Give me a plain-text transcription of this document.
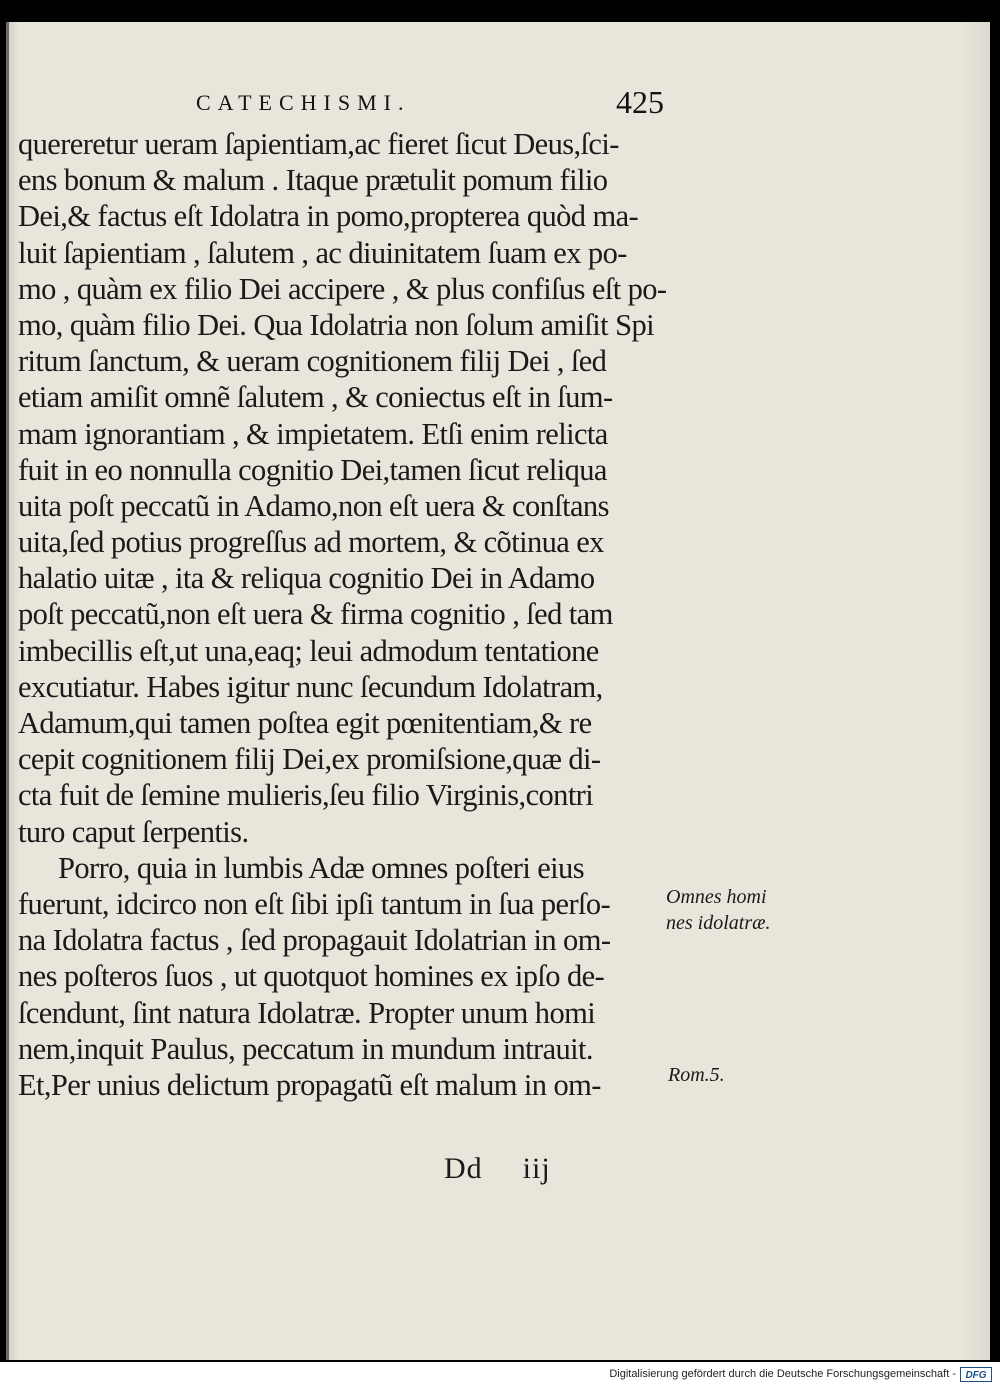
CATECHISMI.	425
quereretur ueram ſapientiam,ac fieret ſicut Deus,ſci-
ens bonum & malum . Itaque prætulit pomum filio
Dei,& factus eſt Idolatra in pomo,propterea quòd ma-
luit ſapientiam , ſalutem , ac diuinitatem ſuam ex po-
mo , quàm ex filio Dei accipere , & plus confiſus eſt po-
mo, quàm filio Dei. Qua Idolatria non ſolum amiſit Spi
ritum ſanctum, & ueram cognitionem filij Dei , ſed
etiam amiſit omnẽ ſalutem , & coniectus eſt in ſum-
mam ignorantiam , & impietatem. Etſi enim relicta
fuit in eo nonnulla cognitio Dei,tamen ſicut reliqua
uita poſt peccatũ in Adamo,non eſt uera & conſtans
uita,ſed potius progreſſus ad mortem, & cõtinua ex
halatio uitæ , ita & reliqua cognitio Dei in Adamo
poſt peccatũ,non eſt uera & firma cognitio , ſed tam
imbecillis eſt,ut una,eaq; leui admodum tentatione
excutiatur. Habes igitur nunc ſecundum Idolatram,
Adamum,qui tamen poſtea egit pœnitentiam,& re
cepit cognitionem filij Dei,ex promiſsione,quæ di-
cta fuit de ſemine mulieris,ſeu filio Virginis,contri
turo caput ſerpentis.
Porro, quia in lumbis Adæ omnes poſteri eius
fuerunt, idcirco non eſt ſibi ipſi tantum in ſua perſo-
na Idolatra factus , ſed propagauit Idolatrian in om-
nes poſteros ſuos , ut quotquot homines ex ipſo de-
ſcendunt, ſint natura Idolatræ. Propter unum homi
nem,inquit Paulus, peccatum in mundum intrauit.
Et,Per unius delictum propagatũ eſt malum in om-
Omnes homi
nes idolatræ.
Rom.5.
Dd iij
Digitalisierung gefördert durch die Deutsche Forschungsgemeinschaft - DFG
